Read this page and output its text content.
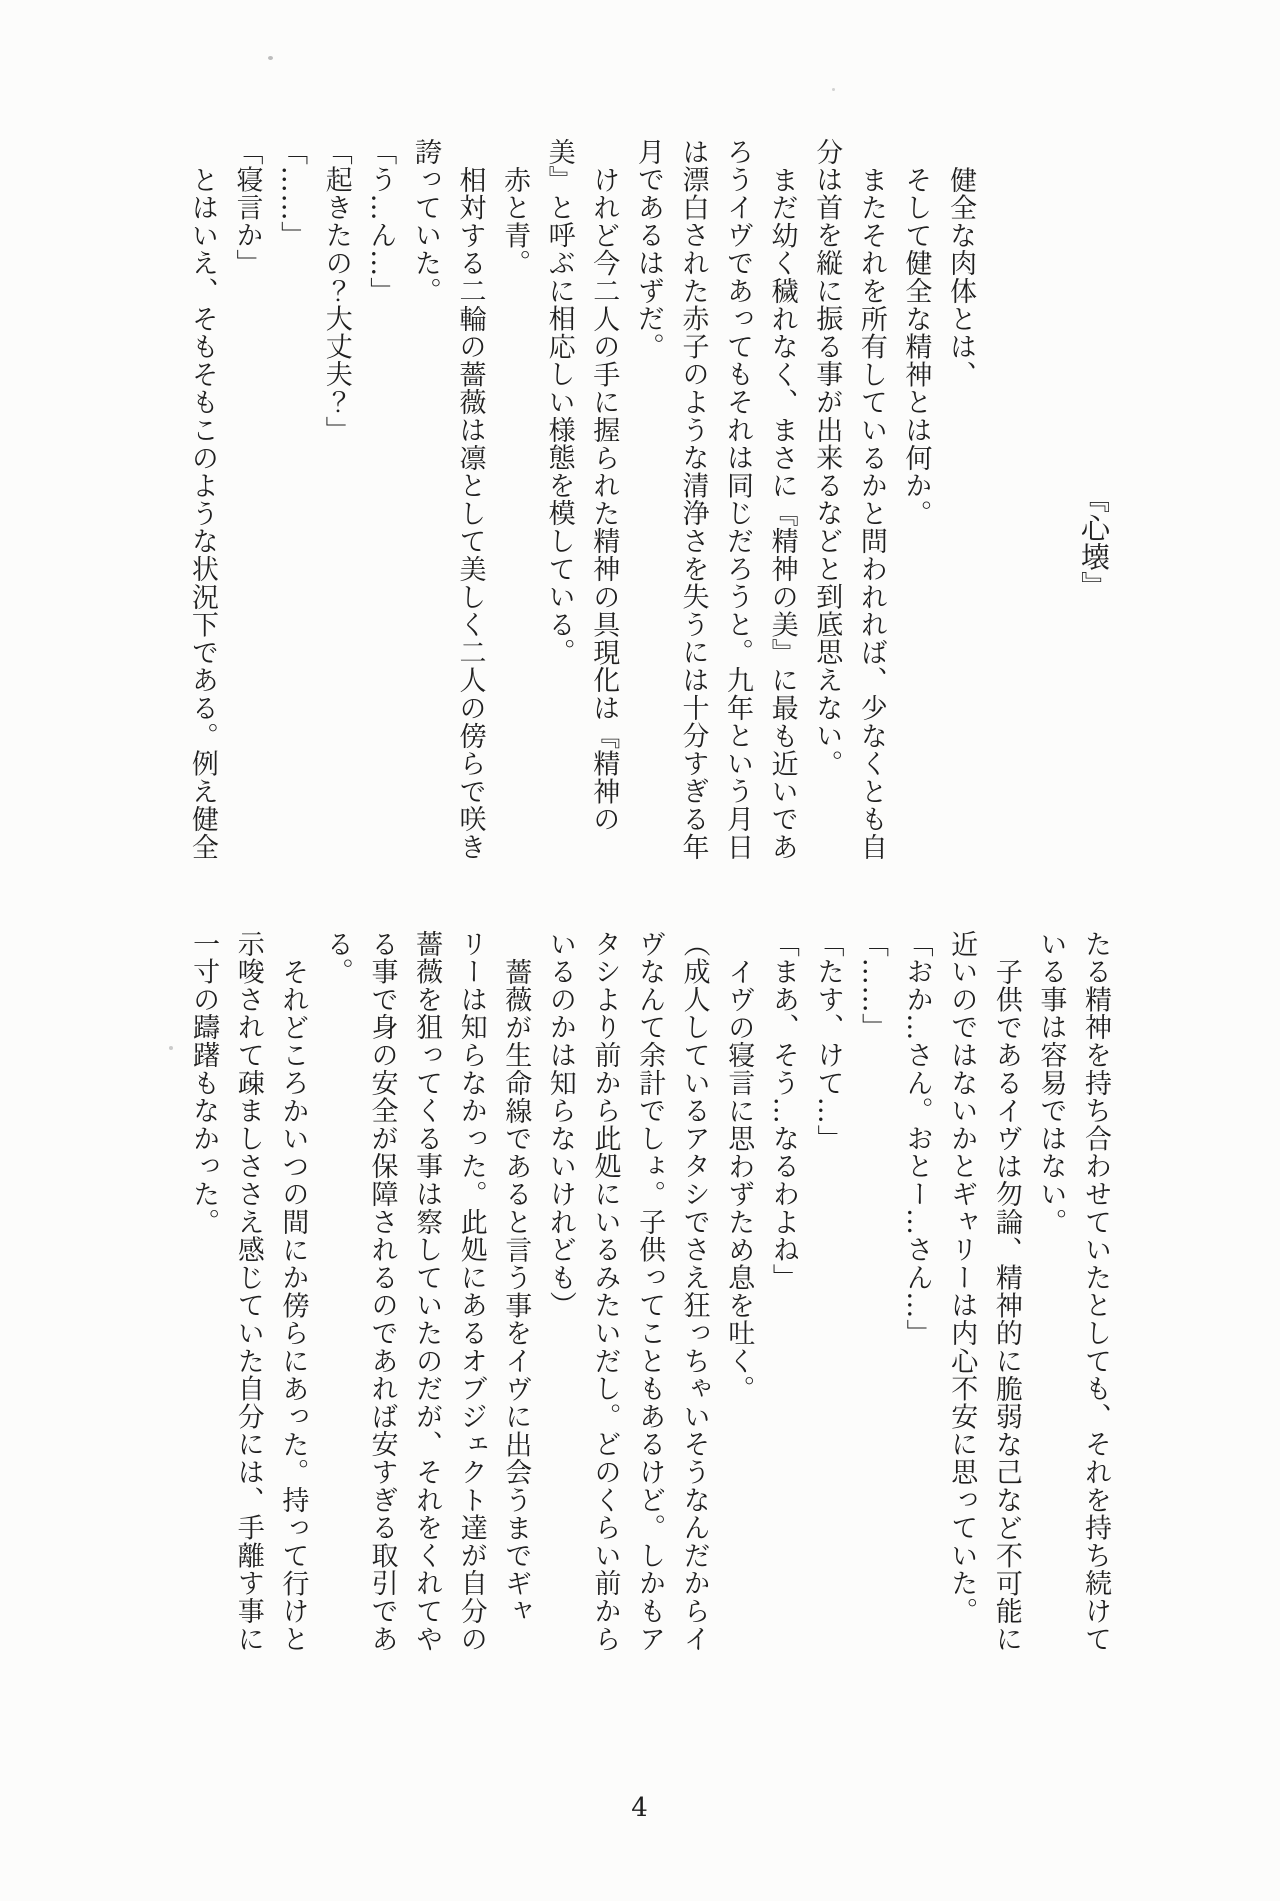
『心壊』

健全な肉体とは、

そして健全な精神とは何か。

またそれを所有しているかと問われれば、少なくとも自分は首を縦に振る事が出来るなどと到底思えない。

まだ幼く穢れなく、まさに『精神の美』に最も近いであろうイヴであってもそれは同じだろうと。九年という月日は漂白された赤子のような清浄さを失うには十分すぎる年月であるはずだ。

けれど今二人の手に握られた精神の具現化は『精神の美』と呼ぶに相応しい様態を模している。

赤と青。

相対する二輪の薔薇は凛として美しく二人の傍らで咲き誇っていた。

「う…ん…」

「起きたの？大丈夫？」

「……」

「寝言か」

とはいえ、そもそもこのような状況下である。例え健全

たる精神を持ち合わせていたとしても、それを持ち続けている事は容易ではない。

子供であるイヴは勿論、精神的に脆弱な己など不可能に近いのではないかとギャリーは内心不安に思っていた。

「おか…さん。おとー…さん…」

「……」

「たす、けて…」

「まあ、そう…なるわよね」

イヴの寝言に思わずため息を吐く。

（成人しているアタシでさえ狂っちゃいそうなんだからイヴなんて余計でしょ。子供ってこともあるけど。しかもアタシより前から此処にいるみたいだし。どのくらい前からいるのかは知らないけれども）

薔薇が生命線であると言う事をイヴに出会うまでギャリーは知らなかった。此処にあるオブジェクト達が自分の薔薇を狙ってくる事は察していたのだが、それをくれてやる事で身の安全が保障されるのであれば安すぎる取引である。

それどころかいつの間にか傍らにあった。持って行けと示唆されて疎ましささえ感じていた自分には、手離す事に一寸の躊躇もなかった。

4
